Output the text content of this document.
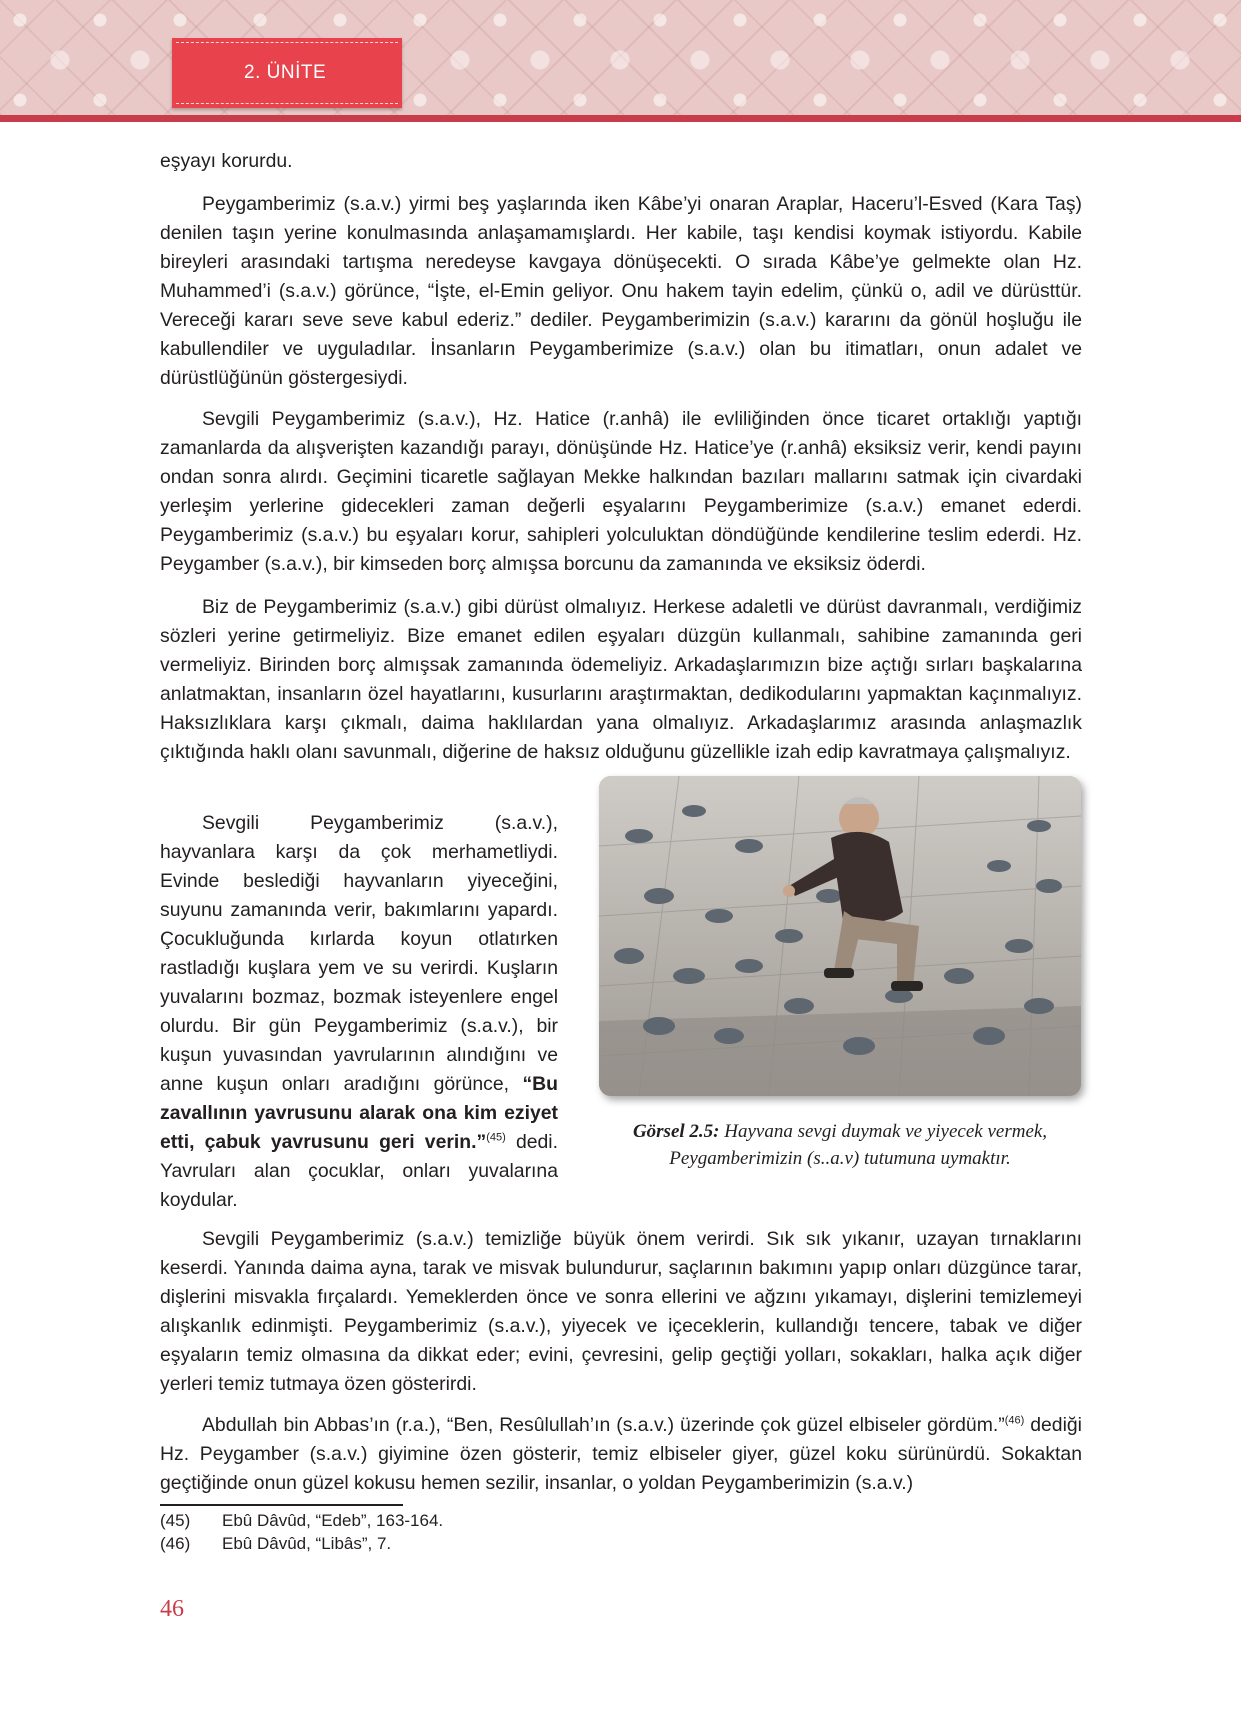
2. ÜNİTE

eşyayı korurdu.

Peygamberimiz (s.a.v.) yirmi beş yaşlarında iken Kâbe’yi onaran Araplar, Haceru’l-Esved (Kara Taş) denilen taşın yerine konulmasında anlaşamamışlardı. Her kabile, taşı kendisi koymak istiyordu. Kabile bireyleri arasındaki tartışma neredeyse kavgaya dönüşecekti. O sırada Kâbe’ye gelmekte olan Hz. Muhammed’i (s.a.v.) görünce, “İşte, el-Emin geliyor. Onu hakem tayin edelim, çünkü o, adil ve dürüsttür. Vereceği kararı seve seve kabul ederiz.” dediler. Peygamberimizin (s.a.v.) kararını da gönül hoşluğu ile kabullendiler ve uyguladılar. İnsanların Peygamberimize (s.a.v.) olan bu itimatları, onun adalet ve dürüstlüğünün göstergesiydi.

Sevgili Peygamberimiz (s.a.v.), Hz. Hatice (r.anhâ) ile evliliğinden önce ticaret ortaklığı yaptığı zamanlarda da alışverişten kazandığı parayı, dönüşünde Hz. Hatice’ye (r.anhâ) eksiksiz verir, kendi payını ondan sonra alırdı. Geçimini ticaretle sağlayan Mekke halkından bazıları mallarını satmak için civardaki yerleşim yerlerine gidecekleri zaman değerli eşyalarını Peygamberimize (s.a.v.) emanet ederdi. Peygamberimiz (s.a.v.) bu eşyaları korur, sahipleri yolculuktan döndüğünde kendilerine teslim ederdi. Hz. Peygamber (s.a.v.), bir kimseden borç almışsa borcunu da zamanında ve eksiksiz öderdi.

Biz de Peygamberimiz (s.a.v.) gibi dürüst olmalıyız. Herkese adaletli ve dürüst davranmalı, verdiğimiz sözleri yerine getirmeliyiz. Bize emanet edilen eşyaları düzgün kullanmalı, sahibine zamanında geri vermeliyiz. Birinden borç almışsak zamanında ödemeliyiz. Arkadaşlarımızın bize açtığı sırları başkalarına anlatmaktan, insanların özel hayatlarını, kusurlarını araştırmaktan, dedikodularını yapmaktan kaçınmalıyız. Haksızlıklara karşı çıkmalı, daima haklılardan yana olmalıyız. Arkadaşlarımız arasında anlaşmazlık çıktığında haklı olanı savunmalı, diğerine de haksız olduğunu güzellikle izah edip kavratmaya çalışmalıyız.

Sevgili Peygamberimiz (s.a.v.), hayvanlara karşı da çok merhametliydi. Evinde beslediği hayvanların yiyeceğini, suyunu zamanında verir, bakımlarını yapardı. Çocukluğunda kırlarda koyun otlatırken rastladığı kuşlara yem ve su verirdi. Kuşların yuvalarını bozmaz, bozmak isteyenlere engel olurdu. Bir gün Peygamberimiz (s.a.v.), bir kuşun yuvasından yavrularının alındığını ve anne kuşun onları aradığını görünce, “Bu zavallının yavrusunu alarak ona kim eziyet etti, çabuk yavrusunu geri verin.”$^{(45)}$ dedi. Yavruları alan çocuklar, onları yuvalarına koydular.

Görsel 2.5: Hayvana sevgi duymak ve yiyecek vermek, Peygamberimizin (s..a.v) tutumuna uymaktır.

Sevgili Peygamberimiz (s.a.v.) temizliğe büyük önem verirdi. Sık sık yıkanır, uzayan tırnaklarını keserdi. Yanında daima ayna, tarak ve misvak bulundurur, saçlarının bakımını yapıp onları düzgünce tarar, dişlerini misvakla fırçalardı. Yemeklerden önce ve sonra ellerini ve ağzını yıkamayı, dişlerini temizlemeyi alışkanlık edinmişti. Peygamberimiz (s.a.v.), yiyecek ve içeceklerin, kullandığı tencere, tabak ve diğer eşyaların temiz olmasına da dikkat eder; evini, çevresini, gelip geçtiği yolları, sokakları, halka açık diğer yerleri temiz tutmaya özen gösterirdi.

Abdullah bin Abbas’ın (r.a.), “Ben, Resûlullah’ın (s.a.v.) üzerinde çok güzel elbiseler gördüm.”$^{(46)}$ dediği Hz. Peygamber (s.a.v.) giyimine özen gösterir, temiz elbiseler giyer, güzel koku sürünürdü. Sokaktan geçtiğinde onun güzel kokusu hemen sezilir, insanlar, o yoldan Peygamberimizin (s.a.v.)

(45) Ebû Dâvûd, “Edeb”, 163-164.
(46) Ebû Dâvûd, “Libâs”, 7.
46
